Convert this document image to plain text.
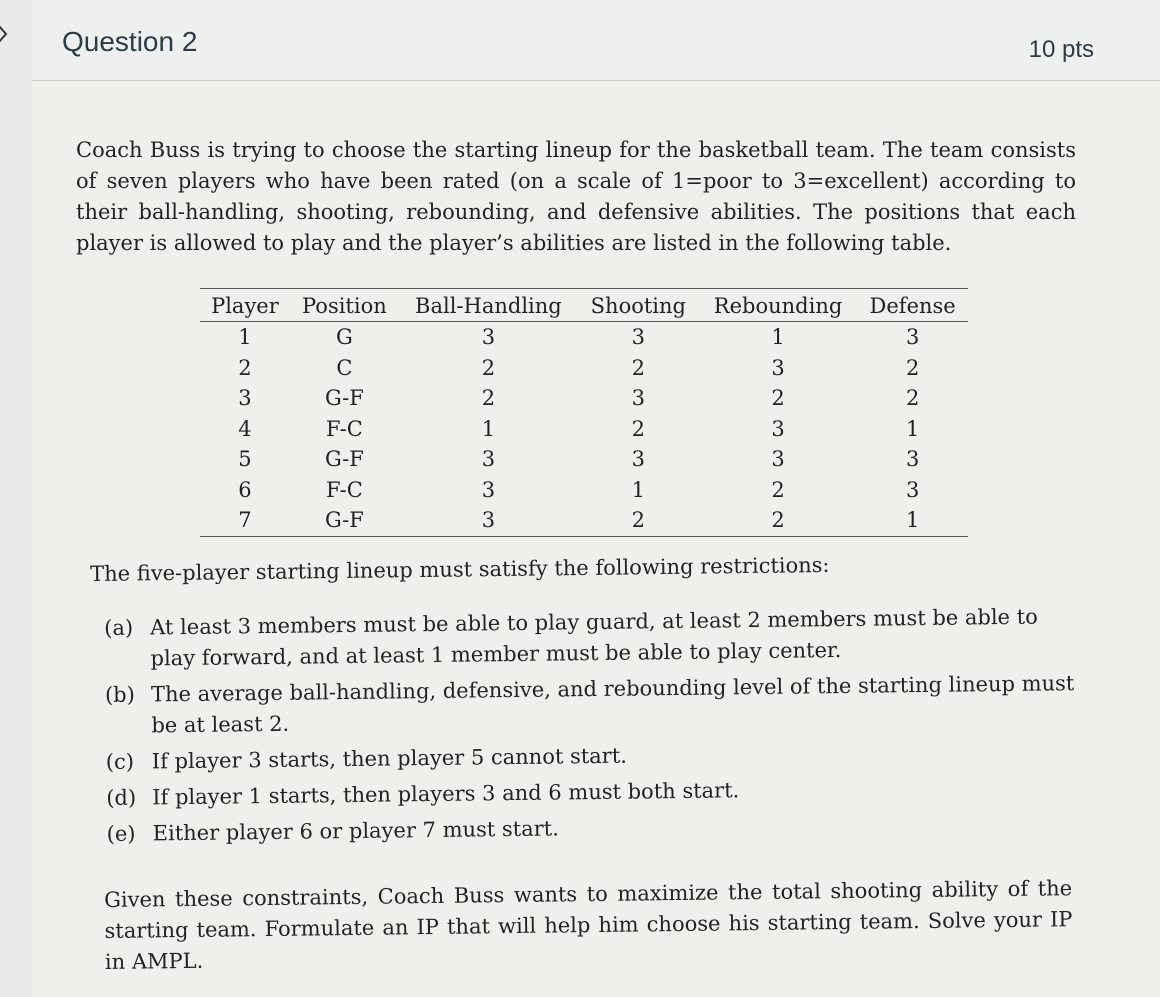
Question 2	10 pts

Coach Buss is trying to choose the starting lineup for the basketball team. The team consists of seven players who have been rated (on a scale of 1=poor to 3=excellent) according to their ball-handling, shooting, rebounding, and defensive abilities. The positions that each player is allowed to play and the player’s abilities are listed in the following table.

Player	Position	Ball-Handling	Shooting	Rebounding	Defense
1	G	3	3	1	3
2	C	2	2	3	2
3	G-F	2	3	2	2
4	F-C	1	2	3	1
5	G-F	3	3	3	3
6	F-C	3	1	2	3
7	G-F	3	2	2	1

The five-player starting lineup must satisfy the following restrictions:

(a) At least 3 members must be able to play guard, at least 2 members must be able to play forward, and at least 1 member must be able to play center.
(b) The average ball-handling, defensive, and rebounding level of the starting lineup must be at least 2.
(c) If player 3 starts, then player 5 cannot start.
(d) If player 1 starts, then players 3 and 6 must both start.
(e) Either player 6 or player 7 must start.

Given these constraints, Coach Buss wants to maximize the total shooting ability of the starting team. Formulate an IP that will help him choose his starting team. Solve your IP in AMPL.
